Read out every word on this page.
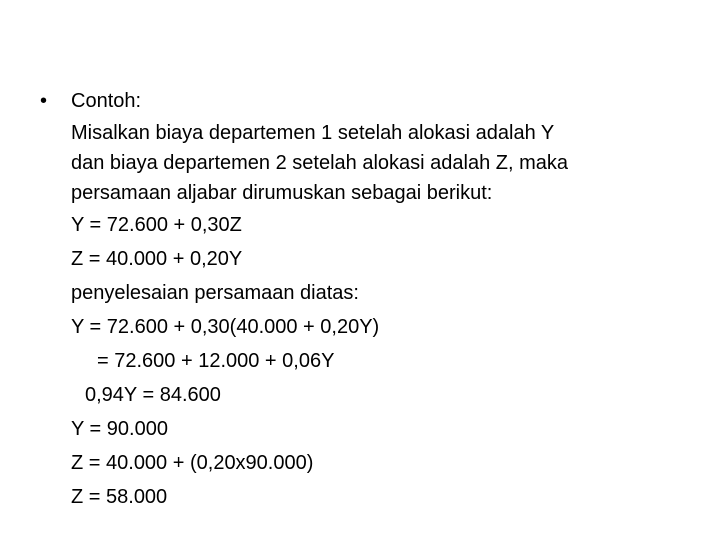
• Contoh:
Misalkan biaya departemen 1 setelah alokasi adalah Y
dan biaya departemen 2 setelah alokasi adalah Z, maka
persamaan aljabar dirumuskan sebagai berikut:
Y = 72.600 + 0,30Z
Z = 40.000 + 0,20Y
penyelesaian persamaan diatas:
Y = 72.600 + 0,30(40.000 + 0,20Y)
= 72.600 + 12.000 + 0,06Y
0,94Y = 84.600
Y = 90.000
Z = 40.000 + (0,20x90.000)
Z = 58.000
